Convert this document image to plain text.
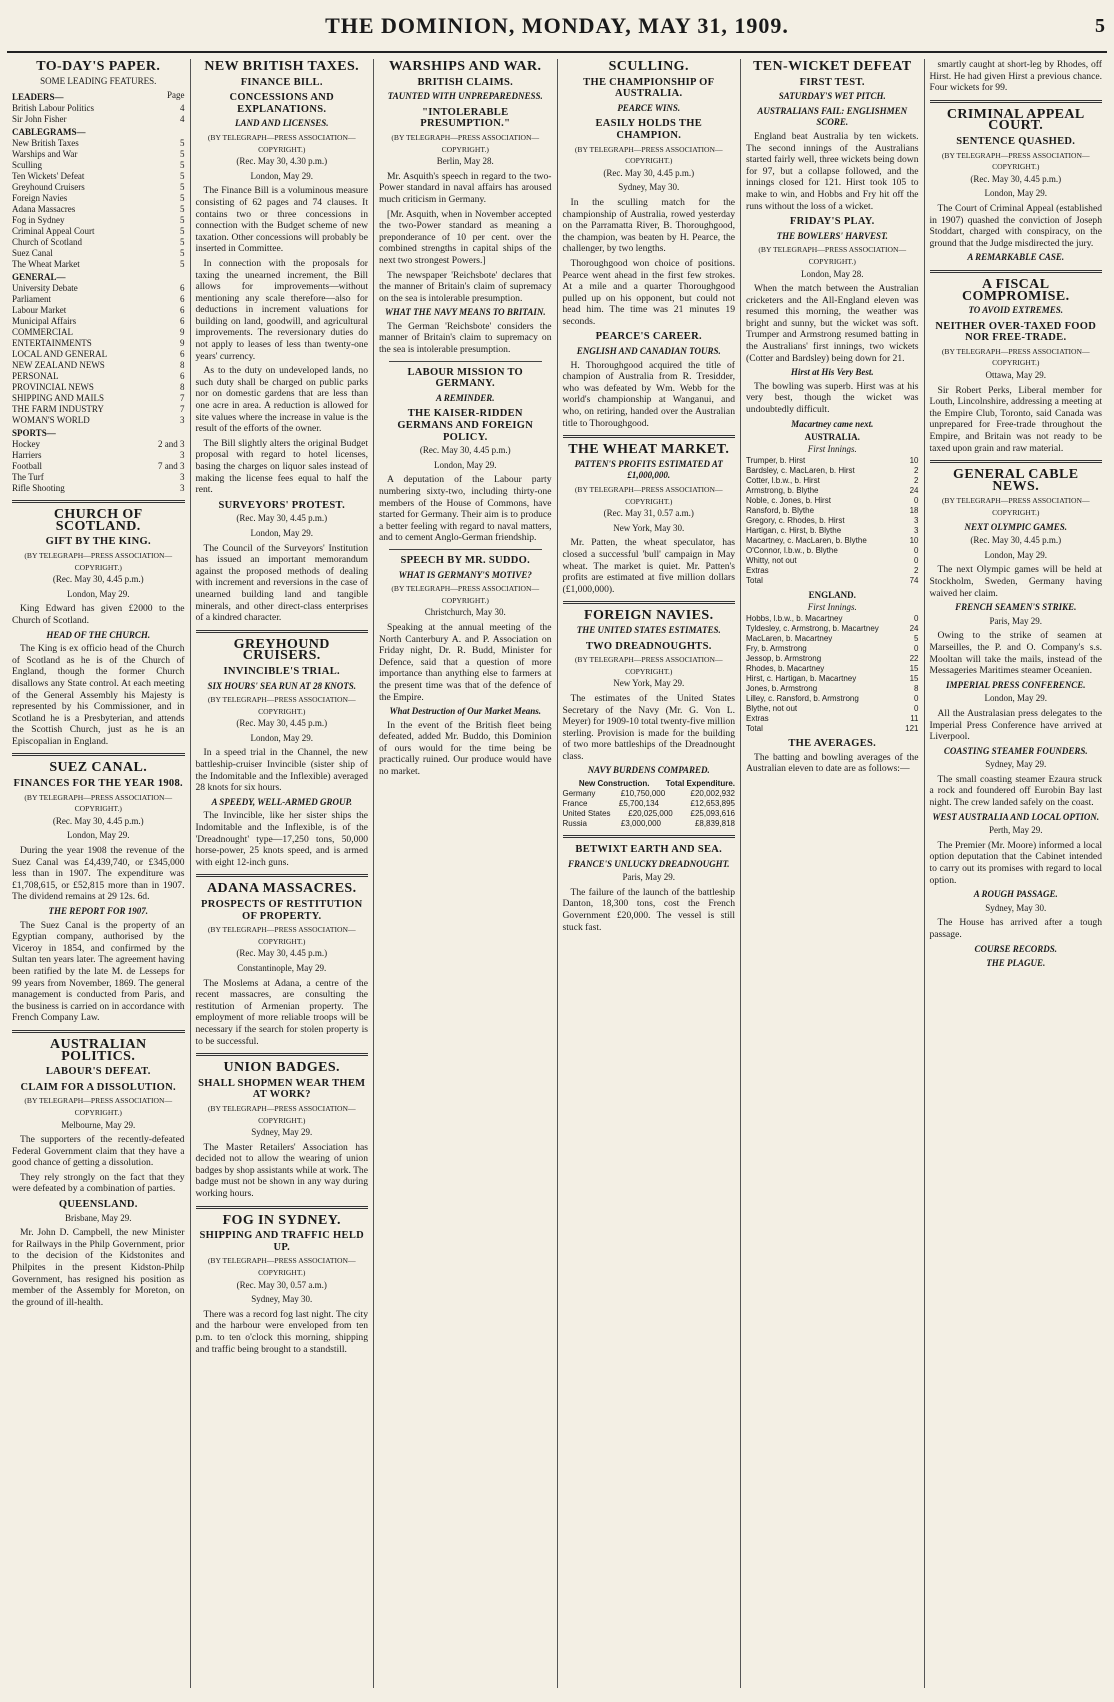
THE DOMINION, MONDAY, MAY 31, 1909.	5
TO-DAY'S PAPER.
SOME LEADING FEATURES.
LEADERS—	Page
British Labour Politics	4
Sir John Fisher	4
CABLEGRAMS—
New British Taxes	5
Warships and War	5
Sculling	5
Ten Wickets' Defeat	5
Greyhound Cruisers	5
Foreign Navies	5
Adana Massacres	5
Fog in Sydney	5
Criminal Appeal Court	5
Church of Scotland	5
Suez Canal	5
The Wheat Market	5
GENERAL—
University Debate	6
Parliament	6
Labour Market	6
Municipal Affairs	6
COMMERCIAL	9
ENTERTAINMENTS	9
LOCAL AND GENERAL	6
NEW ZEALAND NEWS	8
PERSONAL	6
PROVINCIAL NEWS	8
SHIPPING AND MAILS	7
THE FARM INDUSTRY	7
WOMAN'S WORLD	3
SPORTS—
Hockey	2 and 3
Harriers	3
Football	7 and 3
The Turf	3
Rifle Shooting	3
CHURCH OF SCOTLAND.
GIFT BY THE KING.
(BY TELEGRAPH—PRESS ASSOCIATION—COPYRIGHT.)
(Rec. May 30, 4.45 p.m.)
London, May 29.

King Edward has given £2000 to the Church of Scotland.

HEAD OF THE CHURCH.

The King is ex officio head of the Church of Scotland as he is of the Church of England, though the former Church disallows any State control. At each meeting of the General Assembly his Majesty is represented by his Commissioner, and in Scotland he is a Presbyterian, and attends the Scottish Church, just as he is an Episcopalian in England.

SUEZ CANAL.
FINANCES FOR THE YEAR 1908.
(BY TELEGRAPH—PRESS ASSOCIATION—COPYRIGHT.)
(Rec. May 30, 4.45 p.m.)
London, May 29.

During the year 1908 the revenue of the Suez Canal was £4,439,740, or £345,000 less than in 1907. The expenditure was £1,708,615, or £52,815 more than in 1907. The dividend remains at 29 12s. 6d.

THE REPORT FOR 1907.

The Suez Canal is the property of an Egyptian company, authorised by the Viceroy in 1854, and confirmed by the Sultan ten years later. The agreement having been ratified by the late M. de Lesseps for 99 years from November, 1869. The general management is conducted from Paris, and the business is carried on in accordance with French Company Law.

AUSTRALIAN POLITICS.
LABOUR'S DEFEAT.
CLAIM FOR A DISSOLUTION.
(BY TELEGRAPH—PRESS ASSOCIATION—COPYRIGHT.)
Melbourne, May 29.

The supporters of the recently-defeated Federal Government claim that they have a good chance of getting a dissolution.

They rely strongly on the fact that they were defeated by a combination of parties.

QUEENSLAND.
Brisbane, May 29.

Mr. John D. Campbell, the new Minister for Railways in the Philp Government, prior to the decision of the Kidstonites and Philpites in the present Kidston-Philp Government, has resigned his position as member of the Assembly for Moreton, on the ground of ill-health.

NEW BRITISH TAXES.
FINANCE BILL.
CONCESSIONS AND EXPLANATIONS.
LAND AND LICENSES.
(BY TELEGRAPH—PRESS ASSOCIATION—COPYRIGHT.)
(Rec. May 30, 4.30 p.m.)
London, May 29.

The Finance Bill is a voluminous measure consisting of 62 pages and 74 clauses. It contains two or three concessions in connection with the Budget scheme of new taxation. Other concessions will probably be inserted in Committee.

In connection with the proposals for taxing the unearned increment, the Bill allows for improvements—without mentioning any scale therefore—also for deductions in increment valuations for building on land, goodwill, and agricultural improvements. The reversionary duties do not apply to leases of less than twenty-one years' currency.

As to the duty on undeveloped lands, no such duty shall be charged on public parks nor on domestic gardens that are less than one acre in area. A reduction is allowed for site values where the increase in value is the result of the efforts of the owner.

The Bill slightly alters the original Budget proposal with regard to hotel licenses, basing the charges on liquor sales instead of making the license fees equal to half the rent.

SURVEYORS' PROTEST.
(Rec. May 30, 4.45 p.m.)
London, May 29.

The Council of the Surveyors' Institution has issued an important memorandum against the proposed methods of dealing with increment and reversions in the case of unearned building land and tangible minerals, and other direct-class enterprises of a kindred character.

GREYHOUND CRUISERS.
INVINCIBLE'S TRIAL.
SIX HOURS' SEA RUN AT 28 KNOTS.
(BY TELEGRAPH—PRESS ASSOCIATION—COPYRIGHT.)
(Rec. May 30, 4.45 p.m.)
London, May 29.

In a speed trial in the Channel, the new battleship-cruiser Invincible (sister ship of the Indomitable and the Inflexible) averaged 28 knots for six hours.

A SPEEDY, WELL-ARMED GROUP.

The Invincible, like her sister ships the Indomitable and the Inflexible, is of the 'Dreadnought' type—17,250 tons, 50,000 horse-power, 25 knots speed, and is armed with eight 12-inch guns.

ADANA MASSACRES.
PROSPECTS OF RESTITUTION OF PROPERTY.
(BY TELEGRAPH—PRESS ASSOCIATION—COPYRIGHT.)
(Rec. May 30, 4.45 p.m.)
Constantinople, May 29.

The Moslems at Adana, a centre of the recent massacres, are consulting the restitution of Armenian property. The employment of more reliable troops will be necessary if the search for stolen property is to be successful.

UNION BADGES.
SHALL SHOPMEN WEAR THEM AT WORK?
(BY TELEGRAPH—PRESS ASSOCIATION—COPYRIGHT.)
Sydney, May 29.

The Master Retailers' Association has decided not to allow the wearing of union badges by shop assistants while at work. The badge must not be shown in any way during working hours.

FOG IN SYDNEY.
SHIPPING AND TRAFFIC HELD UP.
(BY TELEGRAPH—PRESS ASSOCIATION—COPYRIGHT.)
(Rec. May 30, 0.57 a.m.)
Sydney, May 30.

There was a record fog last night. The city and the harbour were enveloped from ten p.m. to ten o'clock this morning, shipping and traffic being brought to a standstill.

WARSHIPS AND WAR.
BRITISH CLAIMS.
TAUNTED WITH UNPREPAREDNESS.
"INTOLERABLE PRESUMPTION."
(BY TELEGRAPH—PRESS ASSOCIATION—COPYRIGHT.)
Berlin, May 28.

Mr. Asquith's speech in regard to the two-Power standard in naval affairs has aroused much criticism in Germany.

[Mr. Asquith, when in November accepted the two-Power standard as meaning a preponderance of 10 per cent. over the combined strengths in capital ships of the next two strongest Powers.]

The newspaper 'Reichsbote' declares that the manner of Britain's claim of supremacy on the sea is intolerable presumption.

WHAT THE NAVY MEANS TO BRITAIN.

The German 'Reichsbote' considers the manner of Britain's claim to supremacy on the sea is intolerable presumption.

LABOUR MISSION TO GERMANY.
A REMINDER.
THE KAISER-RIDDEN GERMANS AND FOREIGN POLICY.
(Rec. May 30, 4.45 p.m.)
London, May 29.

A deputation of the Labour party numbering sixty-two, including thirty-one members of the House of Commons, have started for Germany. Their aim is to produce a better feeling with regard to naval matters, and to cement Anglo-German friendship.

SPEECH BY MR. SUDDO.
WHAT IS GERMANY'S MOTIVE?
(BY TELEGRAPH—PRESS ASSOCIATION—COPYRIGHT.)
Christchurch, May 30.

Speaking at the annual meeting of the North Canterbury A. and P. Association on Friday night, Dr. R. Budd, Minister for Defence, said that a question of more importance than anything else to farmers at the present time was that of the defence of the Empire.

What Destruction of Our Market Means.

In the event of the British fleet being defeated, added Mr. Buddo, this Dominion of ours would for the time being be practically ruined. Our produce would have no market.

SCULLING.
THE CHAMPIONSHIP OF AUSTRALIA.
PEARCE WINS.
EASILY HOLDS THE CHAMPION.
(BY TELEGRAPH—PRESS ASSOCIATION—COPYRIGHT.)
(Rec. May 30, 4.45 p.m.)
Sydney, May 30.

In the sculling match for the championship of Australia, rowed yesterday on the Parramatta River, B. Thoroughgood, the champion, was beaten by H. Pearce, the challenger, by two lengths.

Thoroughgood won choice of positions. Pearce went ahead in the first few strokes. At a mile and a quarter Thoroughgood pulled up on his opponent, but could not head him. The time was 21 minutes 19 seconds.

PEARCE'S CAREER.
ENGLISH AND CANADIAN TOURS.

H. Thoroughgood acquired the title of champion of Australia from R. Tresidder, who was defeated by Wm. Webb for the world's championship at Wanganui, and who, on retiring, handed over the Australian title to Thoroughgood.

THE WHEAT MARKET.
PATTEN'S PROFITS ESTIMATED AT £1,000,000.
(BY TELEGRAPH—PRESS ASSOCIATION—COPYRIGHT.)
(Rec. May 31, 0.57 a.m.)
New York, May 30.

Mr. Patten, the wheat speculator, has closed a successful 'bull' campaign in May wheat. The market is quiet. Mr. Patten's profits are estimated at five million dollars (£1,000,000).

FOREIGN NAVIES.
THE UNITED STATES ESTIMATES.
TWO DREADNOUGHTS.
(BY TELEGRAPH—PRESS ASSOCIATION—COPYRIGHT.)
New York, May 29.

The estimates of the United States Secretary of the Navy (Mr. G. Von L. Meyer) for 1909-10 total twenty-five million sterling. Provision is made for the building of two more battleships of the Dreadnought class.

NAVY BURDENS COMPARED.
New Construction. Total Expenditure.
Germany	£10,750,000	£20,002,932
France	£5,700,134	£12,653,895
United States £20,025,000 £25,093,616
Russia	£3,000,000	£8,839,818
BETWIXT EARTH AND SEA.
FRANCE'S UNLUCKY DREADNOUGHT.
Paris, May 29.

The failure of the launch of the battleship Danton, 18,300 tons, cost the French Government £20,000. The vessel is still stuck fast.

TEN-WICKET DEFEAT
FIRST TEST.
SATURDAY'S WET PITCH.
AUSTRALIANS FAIL: ENGLISHMEN SCORE.

England beat Australia by ten wickets. The second innings of the Australians started fairly well, three wickets being down for 97, but a collapse followed, and the innings closed for 121. Hirst took 105 to make to win, and Hobbs and Fry hit off the runs without the loss of a wicket.

FRIDAY'S PLAY.
THE BOWLERS' HARVEST.
(BY TELEGRAPH—PRESS ASSOCIATION—COPYRIGHT.)
London, May 28.

When the match between the Australian cricketers and the All-England eleven was resumed this morning, the weather was bright and sunny, but the wicket was soft. Trumper and Armstrong resumed batting in the Australians' first innings, two wickets (Cotter and Bardsley) being down for 21.

Hirst at His Very Best.

The bowling was superb. Hirst was at his very best, though the wicket was undoubtedly difficult.

Macartney came next.
AUSTRALIA.
First Innings.
Trumper, b. Hirst	10
Bardsley, c. MacLaren, b. Hirst	2
Cotter, l.b.w., b. Hirst	2
Armstrong, b. Blythe	24
Noble, c. Jones, b. Hirst	0
Ransford, b. Blythe	18
Gregory, c. Rhodes, b. Hirst	3
Hartigan, c. Hirst, b. Blythe	3
Macartney, c. MacLaren, b. Blythe	10
O'Connor, l.b.w., b. Blythe	0
Whitty, not out	0
Extras	2
Total	74
ENGLAND.
First Innings.
Hobbs, l.b.w., b. Macartney	0
Tyldesley, c. Armstrong, b. Macartney	24
MacLaren, b. Macartney	5
Fry, b. Armstrong	0
Jessop, b. Armstrong	22
Rhodes, b. Macartney	15
Hirst, c. Hartigan, b. Macartney	15
Jones, b. Armstrong	8
Lilley, c. Ransford, b. Armstrong	0
Blythe, not out	0
Extras	11
Total	121
THE AVERAGES.

The batting and bowling averages of the Australian eleven to date are as follows:—

smartly caught at short-leg by Rhodes, off Hirst. He had given Hirst a previous chance. Four wickets for 99.

CRIMINAL APPEAL COURT.
SENTENCE QUASHED.
(BY TELEGRAPH—PRESS ASSOCIATION—COPYRIGHT.)
(Rec. May 30, 4.45 p.m.)
London, May 29.

The Court of Criminal Appeal (established in 1907) quashed the conviction of Joseph Stoddart, charged with conspiracy, on the ground that the Judge misdirected the jury.

A REMARKABLE CASE.
A FISCAL COMPROMISE.
TO AVOID EXTREMES.
NEITHER OVER-TAXED FOOD NOR FREE-TRADE.
(BY TELEGRAPH—PRESS ASSOCIATION—COPYRIGHT.)
Ottawa, May 29.

Sir Robert Perks, Liberal member for Louth, Lincolnshire, addressing a meeting at the Empire Club, Toronto, said Canada was unprepared for Free-trade throughout the Empire, and Britain was not ready to be taxed upon grain and raw material.

GENERAL CABLE NEWS.
(BY TELEGRAPH—PRESS ASSOCIATION—COPYRIGHT.)
NEXT OLYMPIC GAMES.
(Rec. May 30, 4.45 p.m.)
London, May 29.

The next Olympic games will be held at Stockholm, Sweden, Germany having waived her claim.

FRENCH SEAMEN'S STRIKE.
Paris, May 29.

Owing to the strike of seamen at Marseilles, the P. and O. Company's s.s. Mooltan will take the mails, instead of the Messageries Maritimes steamer Oceanien.

IMPERIAL PRESS CONFERENCE.
London, May 29.

All the Australasian press delegates to the Imperial Press Conference have arrived at Liverpool.

COASTING STEAMER FOUNDERS.
Sydney, May 29.

The small coasting steamer Ezaura struck a rock and foundered off Eurobin Bay last night. The crew landed safely on the coast.

WEST AUSTRALIA AND LOCAL OPTION.
Perth, May 29.

The Premier (Mr. Moore) informed a local option deputation that the Cabinet intended to carry out its promises with regard to local option.

A ROUGH PASSAGE.
Sydney, May 30.

The House has arrived after a tough passage.

COURSE RECORDS.
THE PLAGUE.
